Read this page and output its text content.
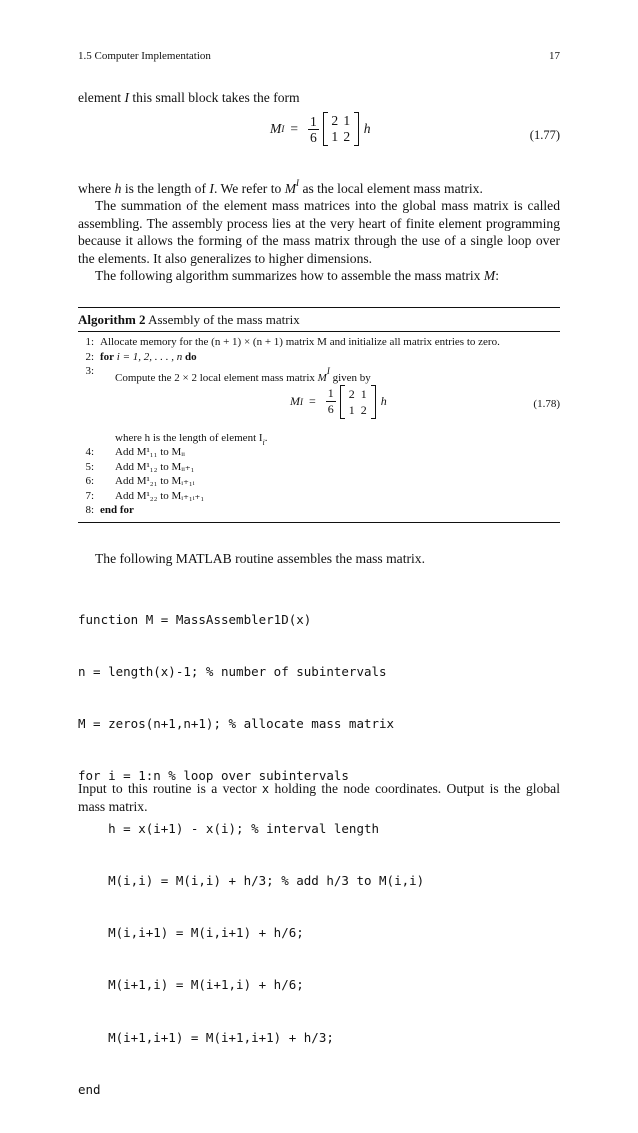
1.5 Computer Implementation	17

element I this small block takes the form

M $I = \frac{1}{6} 2$ 1
1 2
h	(1.77)

where h is the length of I. We refer to $M^I$ as the local element mass matrix.

The summation of the element mass matrices into the global mass matrix is called assembling. The assembly process lies at the very heart of finite element programming because it allows the forming of the mass matrix through the use of a single loop over the elements. It also generalizes to higher dimensions.

The following algorithm summarizes how to assemble the mass matrix M:

Algorithm 2 Assembly of the mass matrix
1: Allocate memory for the (n + 1) × (n + 1) matrix M and initialize all matrix entries to zero.
2: for i = 1, 2, . . . , n do
3:
Compute the 2 × 2 local element mass matrix $M^I$ given by
M $I = \frac{1}{6} 2$ 1
1 2
h	(1.78)
where h is the length of element $I_i$.
4: Add M¹₁₁ to Mᵢᵢ
5: Add M¹₁₂ to Mᵢᵢ₊₁
6: Add M¹₂₁ to Mᵢ₊₁ᵢ
7: Add M¹₂₂ to Mᵢ₊₁ᵢ₊₁
8: end for

The following MATLAB routine assembles the mass matrix.

function M = MassAssembler1D(x)

n = length(x)-1; % number of subintervals

M = zeros(n+1,n+1); % allocate mass matrix

for i = 1:n % loop over subintervals

h = x(i+1) - x(i); % interval length

M(i,i) = M(i,i) + h/3; % add h/3 to M(i,i)

M(i,i+1) = M(i,i+1) + h/6;

M(i+1,i) = M(i+1,i) + h/6;

M(i+1,i+1) = M(i+1,i+1) + h/3;

end

Input to this routine is a vector x holding the node coordinates. Output is the global mass matrix.
